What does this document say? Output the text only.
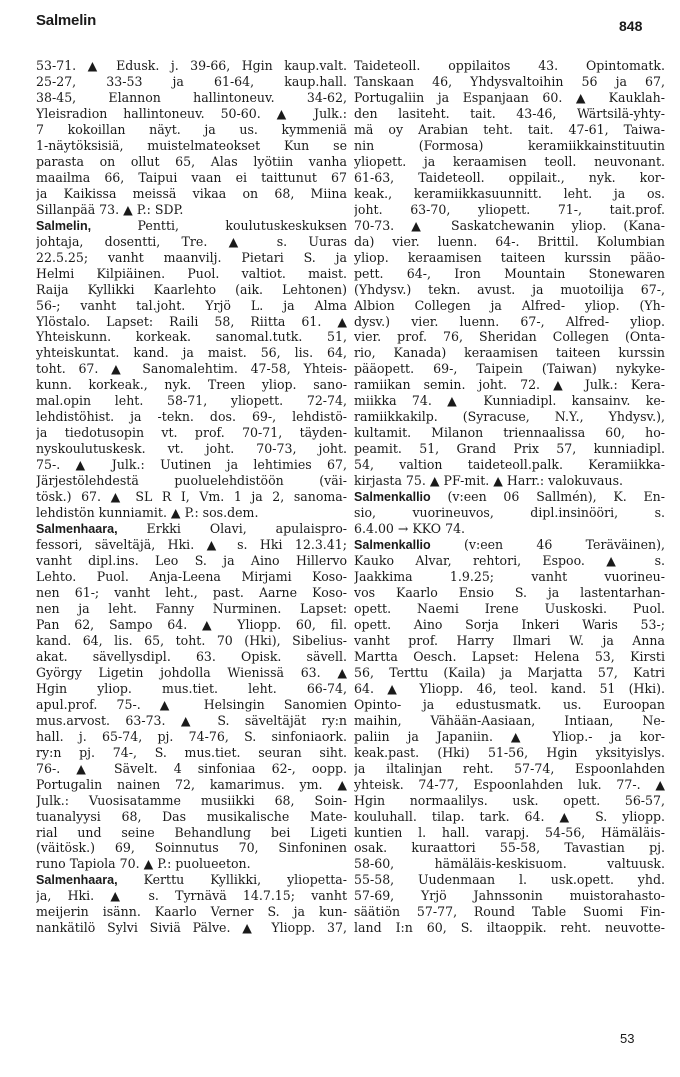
Salmelin	848
53-71. ▲ Edusk. j. 39-66, Hgin kaup.valt.
25-27, 33-53 ja 61-64, kaup.hall.
38-45, Elannon hallintoneuv. 34-62,
Yleisradion hallintoneuv. 50-60. ▲ Julk.:
7 kokoillan näyt. ja us. kymmeniä
1-näytöksisiä, muistelmateokset Kun se
parasta on ollut 65, Alas lyötiin vanha
maailma 66, Taipui vaan ei taittunut 67
ja Kaikissa meissä vikaa on 68, Miina
Sillanpää 73. ▲ P.: SDP.
Salmelin, Pentti, koulutuskeskuksen
johtaja, dosentti, Tre. ▲ s. Uuras
22.5.25; vanht maanvilj. Pietari S. ja
Helmi Kilpiäinen. Puol. valtiot. maist.
Raija Kyllikki Kaarlehto (aik. Lehtonen)
56-; vanht tal.joht. Yrjö L. ja Alma
Ylöstalo. Lapset: Raili 58, Riitta 61. ▲
Yhteiskunn. korkeak. sanomal.tutk. 51,
yhteiskuntat. kand. ja maist. 56, lis. 64,
toht. 67. ▲ Sanomalehtim. 47-58, Yhteis-
kunn. korkeak., nyk. Treen yliop. sano-
mal.opin leht. 58-71, yliopett. 72-74,
lehdistöhist. ja -tekn. dos. 69-, lehdistö-
ja tiedotusopin vt. prof. 70-71, täyden-
nyskoulutuskesk. vt. joht. 70-73, joht.
75-. ▲ Julk.: Uutinen ja lehtimies 67,
Järjestölehdestä puoluelehdistöön (väi-
tösk.) 67. ▲ SL R I, Vm. 1 ja 2, sanoma-
lehdistön kunniamit. ▲ P.: sos.dem.
Salmenhaara, Erkki Olavi, apulaisprо-
fessori, säveltäjä, Hki. ▲ s. Hki 12.3.41;
vanht dipl.ins. Leo S. ja Aino Hillervo
Lehto. Puol. Anja-Leena Mirjami Koso-
nen 61-; vanht leht., past. Aarne Koso-
nen ja leht. Fanny Nurminen. Lapset:
Pan 62, Sampo 64. ▲ Yliopp. 60, fil.
kand. 64, lis. 65, toht. 70 (Hki), Sibelius-
akat. sävellysdipl. 63. Opisk. sävell.
György Ligetin johdolla Wienissä 63. ▲
Hgin yliop. mus.tiet. leht. 66-74,
apul.prof. 75-. ▲ Helsingin Sanomien
mus.arvost. 63-73. ▲ S. säveltäjät ry:n
hall. j. 65-74, pj. 74-76, S. sinfoniaork.
ry:n pj. 74-, S. mus.tiet. seuran siht.
76-. ▲ Sävelt. 4 sinfoniaa 62-, oopp.
Portugalin nainen 72, kamarimus. ym. ▲
Julk.: Vuosisatamme musiikki 68, Soin-
tuanalyysi 68, Das musikalische Mate-
rial und seine Behandlung bei Ligeti
(väitösk.) 69, Soinnutus 70, Sinfoninen
runo Tapiola 70. ▲ P.: puolueeton.
Salmenhaara, Kerttu Kyllikki, yliopetta-
ja, Hki. ▲ s. Tyrnävä 14.7.15; vanht
meijerin isänn. Kaarlo Verner S. ja kun-
nankätilö Sylvi Siviä Pälve. ▲ Yliopp. 37,
Taideteoll. oppilaitos 43. Opintomatk.
Tanskaan 46, Yhdysvaltoihin 56 ja 67,
Portugaliin ja Espanjaan 60. ▲ Kauklah-
den lasiteht. tait. 43-46, Wärtsilä-yhty-
mä oy Arabian teht. tait. 47-61, Taiwa-
nin (Formosa) keramiikkainstituutin
yliopett. ja keraamisen teoll. neuvonant.
61-63, Taideteoll. oppilait., nyk. kor-
keak., keramiikkasuunnitt. leht. ja os.
joht. 63-70, yliopett. 71-, tait.prof.
70-73. ▲ Saskatchewanin yliop. (Kana-
da) vier. luenn. 64-. Brittil. Kolumbian
yliop. keraamisen taiteen kurssin pääo-
pett. 64-, Iron Mountain Stonewaren
(Yhdysv.) tekn. avust. ja muotoilija 67-,
Albion Collegen ja Alfred- yliop. (Yh-
dysv.) vier. luenn. 67-, Alfred- yliop.
vier. prof. 76, Sheridan Collegen (Onta-
rio, Kanada) keraamisen taiteen kurssin
pääopett. 69-, Taipein (Taiwan) nykyke-
ramiikan semin. joht. 72. ▲ Julk.: Kera-
miikka 74. ▲ Kunniadipl. kansainv. ke-
ramiikkakilp. (Syracuse, N.Y., Yhdysv.),
kultamit. Milanon triennaalissa 60, ho-
peamit. 51, Grand Prix 57, kunniadipl.
54, valtion taideteoll.palk. Keramiikka-
kirjasta 75. ▲ PF-mit. ▲ Harr.: valokuvaus.
Salmenkallio (v:een 06 Sallmén), K. En-
sio, vuorineuvos, dipl.insinööri, s.
6.4.00 → KKO 74.
Salmenkallio (v:een 46 Teräväinen),
Kauko Alvar, rehtori, Espoo. ▲ s.
Jaakkima 1.9.25; vanht vuorineu-
vos Kaarlo Ensio S. ja lastentarhan-
opett. Naemi Irene Uuskoski. Puol.
opett. Aino Sorja Inkeri Waris 53-;
vanht prof. Harry Ilmari W. ja Anna
Martta Oesch. Lapset: Helena 53, Kirsti
56, Terttu (Kaila) ja Marjatta 57, Katri
64. ▲ Yliopp. 46, teol. kand. 51 (Hki).
Opinto- ja edustusmatk. us. Euroopan
maihin, Vähään-Aasiaan, Intiaan, Ne-
paliin ja Japaniin. ▲ Yliop.- ja kor-
keak.past. (Hki) 51-56, Hgin yksityislys.
ja iltalinjan reht. 57-74, Espoonlahden
yhteisk. 74-77, Espoonlahden luk. 77-. ▲
Hgin normaalilys. usk. opett. 56-57,
kouluhall. tilap. tark. 64. ▲ S. yliopp.
kuntien l. hall. varapj. 54-56, Hämäläis-
osak. kuraattori 55-58, Tavastian pj.
58-60, hämäläis-keskisuom. valtuusk.
55-58, Uudenmaan l. usk.opett. yhd.
57-69, Yrjö Jahnssonin muistorahasto-
säätiön 57-77, Round Table Suomi Fin-
land I:n 60, S. iltaoppik. reht. neuvotte-
53
